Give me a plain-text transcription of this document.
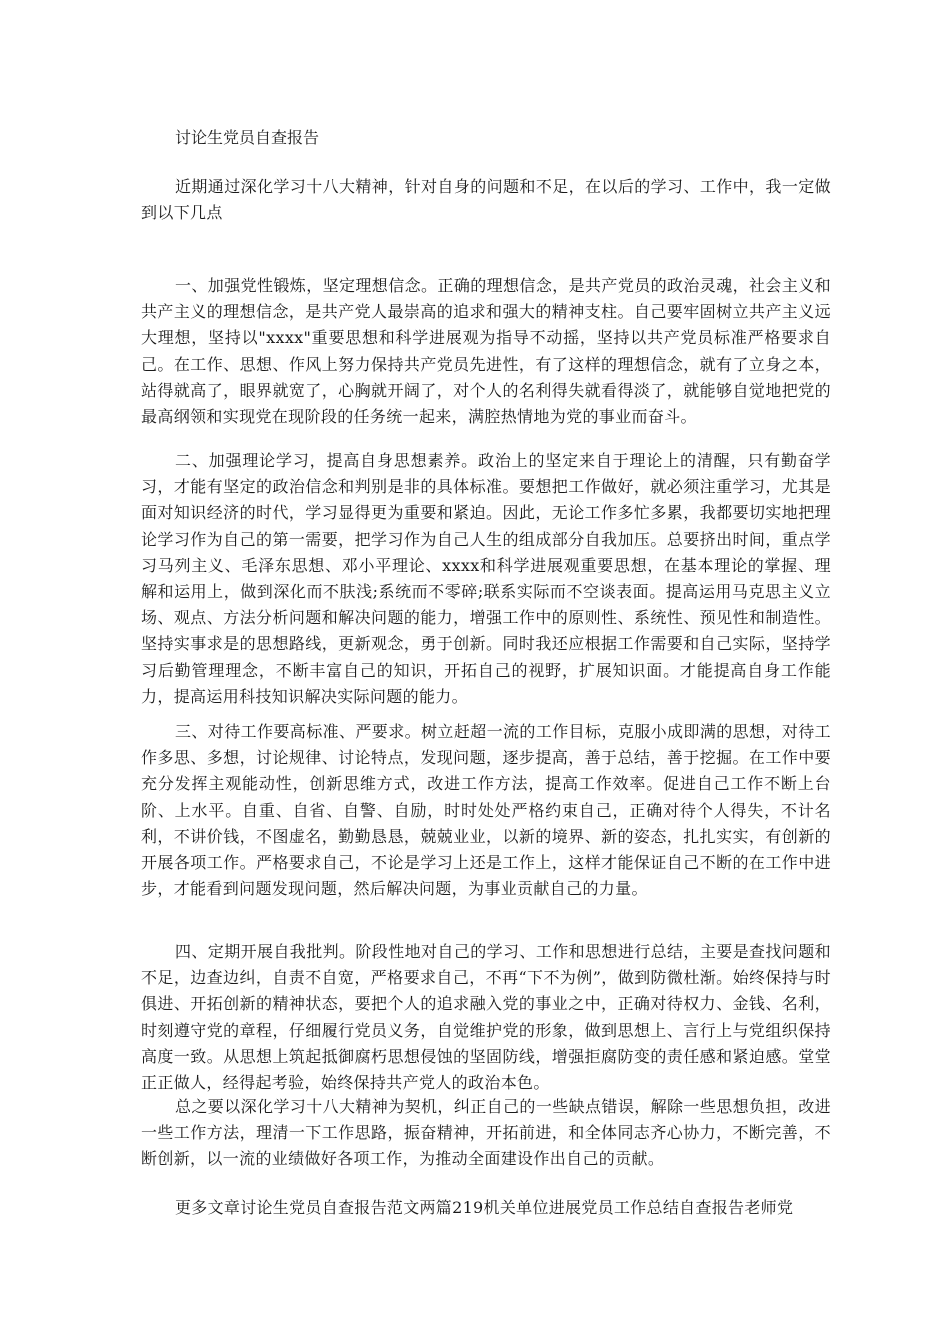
讨论生党员自查报告

近期通过深化学习十八大精神，针对自身的问题和不足，在以后的学习、工作中，我一定做到以下几点

一、加强党性锻炼，坚定理想信念。正确的理想信念，是共产党员的政治灵魂，社会主义和共产主义的理想信念，是共产党人最崇高的追求和强大的精神支柱。自己要牢固树立共产主义远大理想，坚持以"xxxx"重要思想和科学进展观为指导不动摇，坚持以共产党员标准严格要求自己。在工作、思想、作风上努力保持共产党员先进性，有了这样的理想信念，就有了立身之本，站得就高了，眼界就宽了，心胸就开阔了，对个人的名利得失就看得淡了，就能够自觉地把党的最高纲领和实现党在现阶段的任务统一起来，满腔热情地为党的事业而奋斗。

二、加强理论学习，提高自身思想素养。政治上的坚定来自于理论上的清醒，只有勤奋学习，才能有坚定的政治信念和判别是非的具体标准。要想把工作做好，就必须注重学习，尤其是面对知识经济的时代，学习显得更为重要和紧迫。因此，无论工作多忙多累，我都要切实地把理论学习作为自己的第一需要，把学习作为自己人生的组成部分自我加压。总要挤出时间，重点学习马列主义、毛泽东思想、邓小平理论、xxxx和科学进展观重要思想，在基本理论的掌握、理解和运用上，做到深化而不肤浅;系统而不零碎;联系实际而不空谈表面。提高运用马克思主义立场、观点、方法分析问题和解决问题的能力，增强工作中的原则性、系统性、预见性和制造性。坚持实事求是的思想路线，更新观念，勇于创新。同时我还应根据工作需要和自己实际，坚持学习后勤管理理念，不断丰富自己的知识，开拓自己的视野，扩展知识面。才能提高自身工作能力，提高运用科技知识解决实际问题的能力。

三、对待工作要高标准、严要求。树立赶超一流的工作目标，克服小成即满的思想，对待工作多思、多想，讨论规律、讨论特点，发现问题，逐步提高，善于总结，善于挖掘。在工作中要充分发挥主观能动性，创新思维方式，改进工作方法，提高工作效率。促进自己工作不断上台阶、上水平。自重、自省、自警、自励，时时处处严格约束自己，正确对待个人得失，不计名利，不讲价钱，不图虚名，勤勤恳恳，兢兢业业，以新的境界、新的姿态，扎扎实实，有创新的开展各项工作。严格要求自己，不论是学习上还是工作上，这样才能保证自己不断的在工作中进步，才能看到问题发现问题，然后解决问题，为事业贡献自己的力量。

四、定期开展自我批判。阶段性地对自己的学习、工作和思想进行总结，主要是查找问题和不足，边查边纠，自责不自宽，严格要求自己，不再“下不为例”，做到防微杜渐。始终保持与时俱进、开拓创新的精神状态，要把个人的追求融入党的事业之中，正确对待权力、金钱、名利，时刻遵守党的章程，仔细履行党员义务，自觉维护党的形象，做到思想上、言行上与党组织保持高度一致。从思想上筑起抵御腐朽思想侵蚀的坚固防线，增强拒腐防变的责任感和紧迫感。堂堂正正做人，经得起考验，始终保持共产党人的政治本色。

总之要以深化学习十八大精神为契机，纠正自己的一些缺点错误，解除一些思想负担，改进一些工作方法，理清一下工作思路，振奋精神，开拓前进，和全体同志齐心协力，不断完善，不断创新，以一流的业绩做好各项工作，为推动全面建设作出自己的贡献。

更多文章讨论生党员自查报告范文两篇219机关单位进展党员工作总结自查报告老师党
